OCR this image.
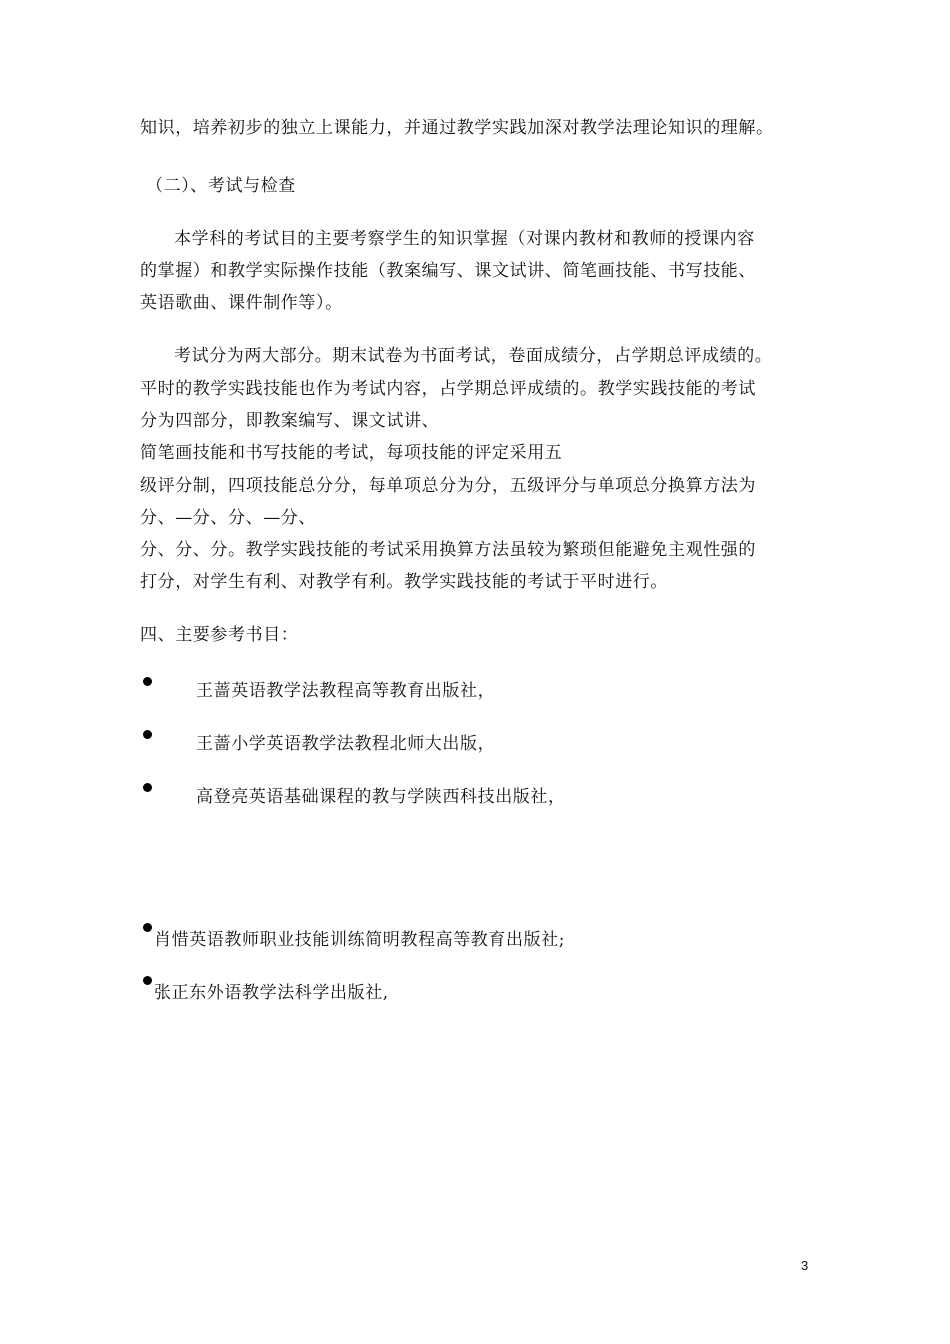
知识，培养初步的独立上课能力，并通过教学实践加深对教学法理论知识的理解。
（二）、考试与检查
本学科的考试目的主要考察学生的知识掌握（对课内教材和教师的授课内容
的掌握）和教学实际操作技能（教案编写、课文试讲、简笔画技能、书写技能、
英语歌曲、课件制作等）。
考试分为两大部分。期末试卷为书面考试，卷面成绩分，占学期总评成绩的。
平时的教学实践技能也作为考试内容，占学期总评成绩的。教学实践技能的考试
分为四部分，即教案编写、课文试讲、
简笔画技能和书写技能的考试，每项技能的评定采用五
级评分制，四项技能总分分，每单项总分为分，五级评分与单项总分换算方法为
分、—分、分、—分、
分、分、分。教学实践技能的考试采用换算方法虽较为繁琐但能避免主观性强的
打分，对学生有利、对教学有利。教学实践技能的考试于平时进行。
四、主要参考书目：
王蔷英语教学法教程高等教育出版社，
王蔷小学英语教学法教程北师大出版，
高登亮英语基础课程的教与学陕西科技出版社，
肖惜英语教师职业技能训练简明教程高等教育出版社;
张正东外语教学法科学出版社,
3
